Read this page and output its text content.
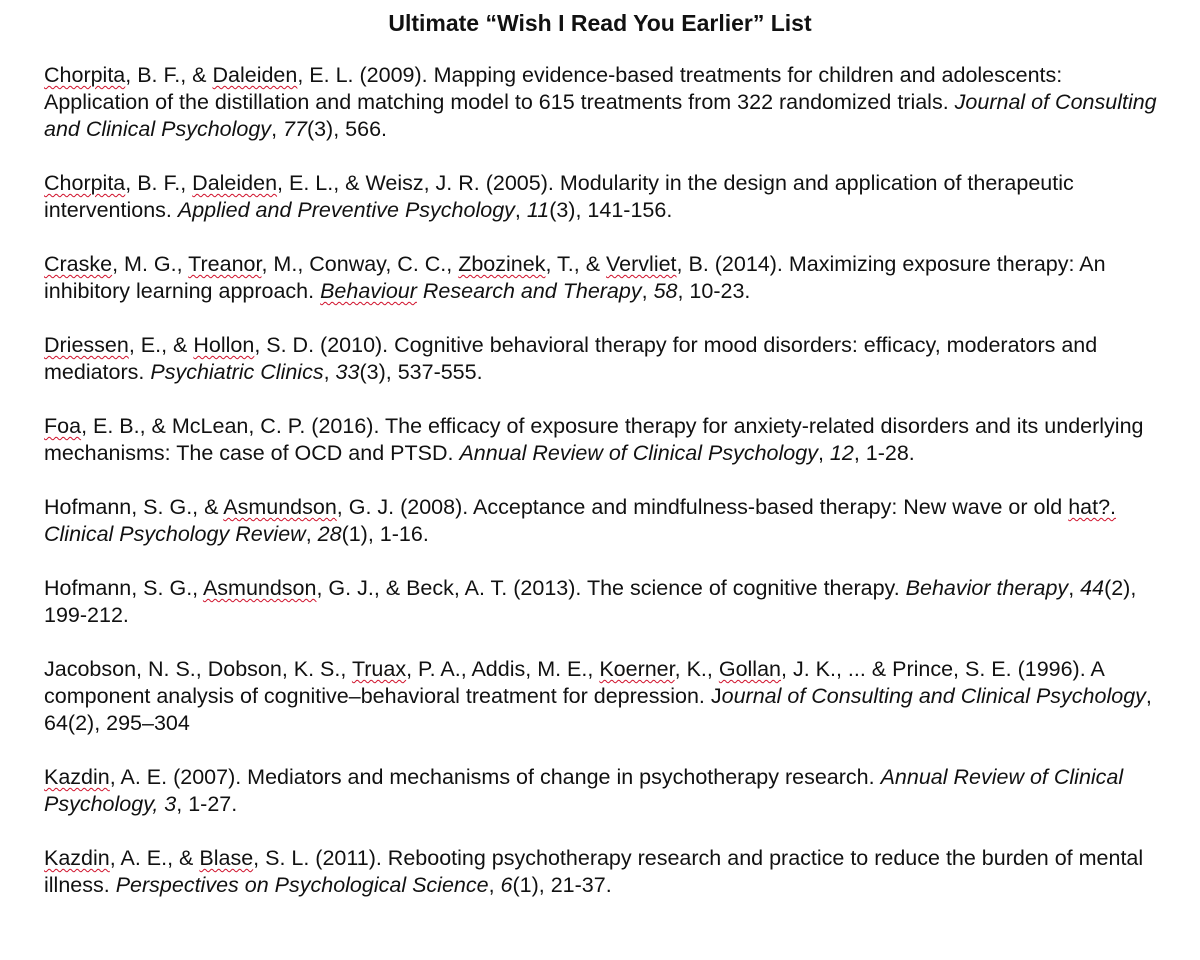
Ultimate “Wish I Read You Earlier” List

Chorpita, B. F., & Daleiden, E. L. (2009). Mapping evidence-based treatments for children and adolescents: Application of the distillation and matching model to 615 treatments from 322 randomized trials. Journal of Consulting and Clinical Psychology, 77(3), 566.

Chorpita, B. F., Daleiden, E. L., & Weisz, J. R. (2005). Modularity in the design and application of therapeutic interventions. Applied and Preventive Psychology, 11(3), 141-156.

Craske, M. G., Treanor, M., Conway, C. C., Zbozinek, T., & Vervliet, B. (2014). Maximizing exposure therapy: An inhibitory learning approach. Behaviour Research and Therapy, 58, 10-23.

Driessen, E., & Hollon, S. D. (2010). Cognitive behavioral therapy for mood disorders: efficacy, moderators and mediators. Psychiatric Clinics, 33(3), 537-555.

Foa, E. B., & McLean, C. P. (2016). The efficacy of exposure therapy for anxiety-related disorders and its underlying mechanisms: The case of OCD and PTSD. Annual Review of Clinical Psychology, 12, 1-28.

Hofmann, S. G., & Asmundson, G. J. (2008). Acceptance and mindfulness-based therapy: New wave or old hat?. Clinical Psychology Review, 28(1), 1-16.

Hofmann, S. G., Asmundson, G. J., & Beck, A. T. (2013). The science of cognitive therapy. Behavior therapy, 44(2), 199-212.

Jacobson, N. S., Dobson, K. S., Truax, P. A., Addis, M. E., Koerner, K., Gollan, J. K., ... & Prince, S. E. (1996). A component analysis of cognitive–behavioral treatment for depression. Journal of Consulting and Clinical Psychology, 64(2), 295–304

Kazdin, A. E. (2007). Mediators and mechanisms of change in psychotherapy research. Annual Review of Clinical Psychology, 3, 1-27.

Kazdin, A. E., & Blase, S. L. (2011). Rebooting psychotherapy research and practice to reduce the burden of mental illness. Perspectives on Psychological Science, 6(1), 21-37.
